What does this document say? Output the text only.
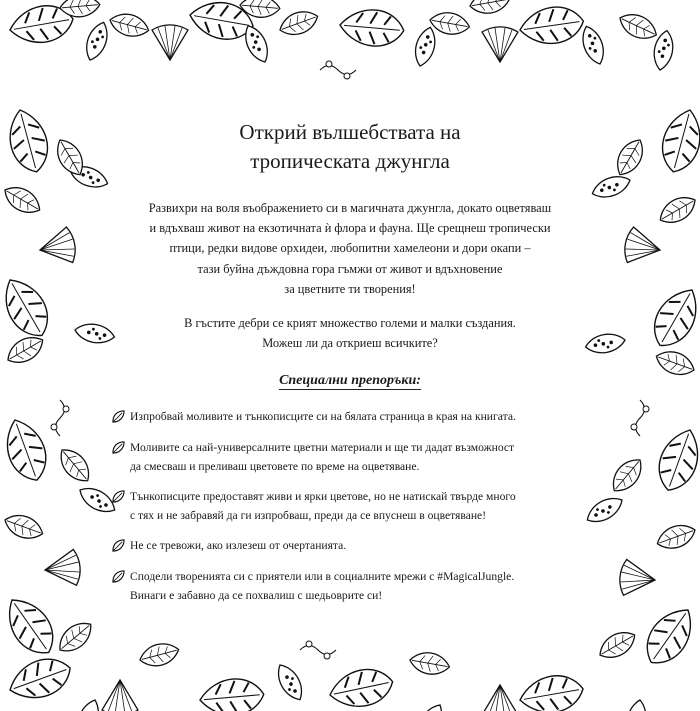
Открий вълшебствата на
тропическата джунгла
Развихри на воля въображението си в магичната джунгла, докато оцветяваш
и вдъхваш живот на екзотичната ѝ флора и фауна. Ще срещнеш тропически
птици, редки видове орхидеи, любопитни хамелеони и дори окапи –
тази буйна дъждовна гора гъмжи от живот и вдъхновение
за цветните ти творения!
В гъстите дебри се крият множество големи и малки създания.
Можеш ли да откриеш всичките?
Специални препоръки:
Изпробвай моливите и тънкописците си на бялата страница в края на книгата.
Моливите са най-универсалните цветни материали и ще ти дадат възможност
да смесваш и преливаш цветовете по време на оцветяване.
Тънкописците предоставят живи и ярки цветове, но не натискай твърде много
с тях и не забравяй да ги изпробваш, преди да се впуснеш в оцветяване!
Не се тревожи, ако излезеш от очертанията.
Сподели творенията си с приятели или в социалните мрежи с #MagicalJungle.
Винаги е забавно да се похвалиш с шедьоврите си!
